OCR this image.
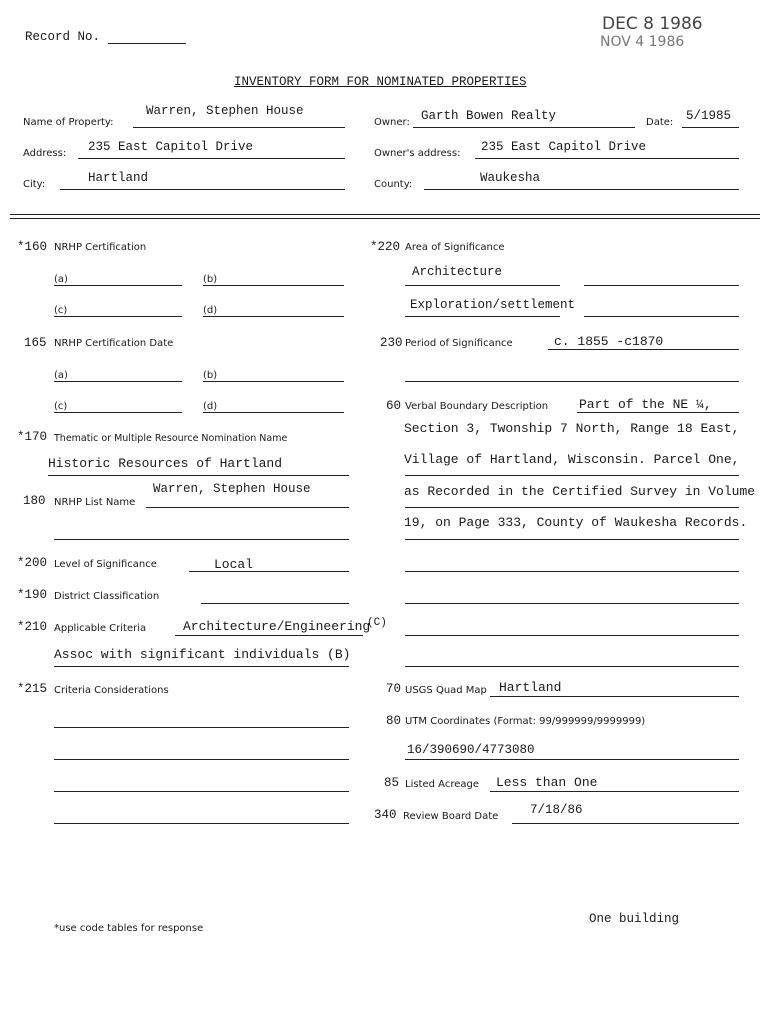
Record No.
DEC 8 1986
NOV 4 1986
INVENTORY FORM FOR NOMINATED PROPERTIES
Name of Property:
Warren, Stephen House
Owner: Garth Bowen Realty	Date: 5/1985
Address: 235 East Capitol Drive	Owner's address: 235 East Capitol Drive
City:	Hartland	County:	Waukesha
*160 NRHP Certification
(a)	(b)
(c)	(d)
165 NRHP Certification Date
(a)	(b)
(c)	(d)
*170 Thematic or Multiple Resource Nomination Name
Historic Resources of Hartland
180 NRHP List Name
Warren, Stephen House
*200 Level of Significance	Local
*190 District Classification
*210 Applicable Criteria	Architecture/Engineering
(C)
Assoc with significant individuals (B)
*215 Criteria Considerations
*220 Area of Significance
Architecture
Exploration/settlement
230 Period of Significance	c. 1855 -c1870
60 Verbal Boundary Description Part of the NE ¼,
Section 3, Twonship 7 North, Range 18 East,
Village of Hartland, Wisconsin. Parcel One,
as Recorded in the Certified Survey in Volume
19, on Page 333, County of Waukesha Records.
70 USGS Quad Map Hartland
80 UTM Coordinates (Format: 99/999999/9999999)
16/390690/4773080
85 Listed Acreage Less than One
340 Review Board Date	7/18/86
*use code tables for response
One building
